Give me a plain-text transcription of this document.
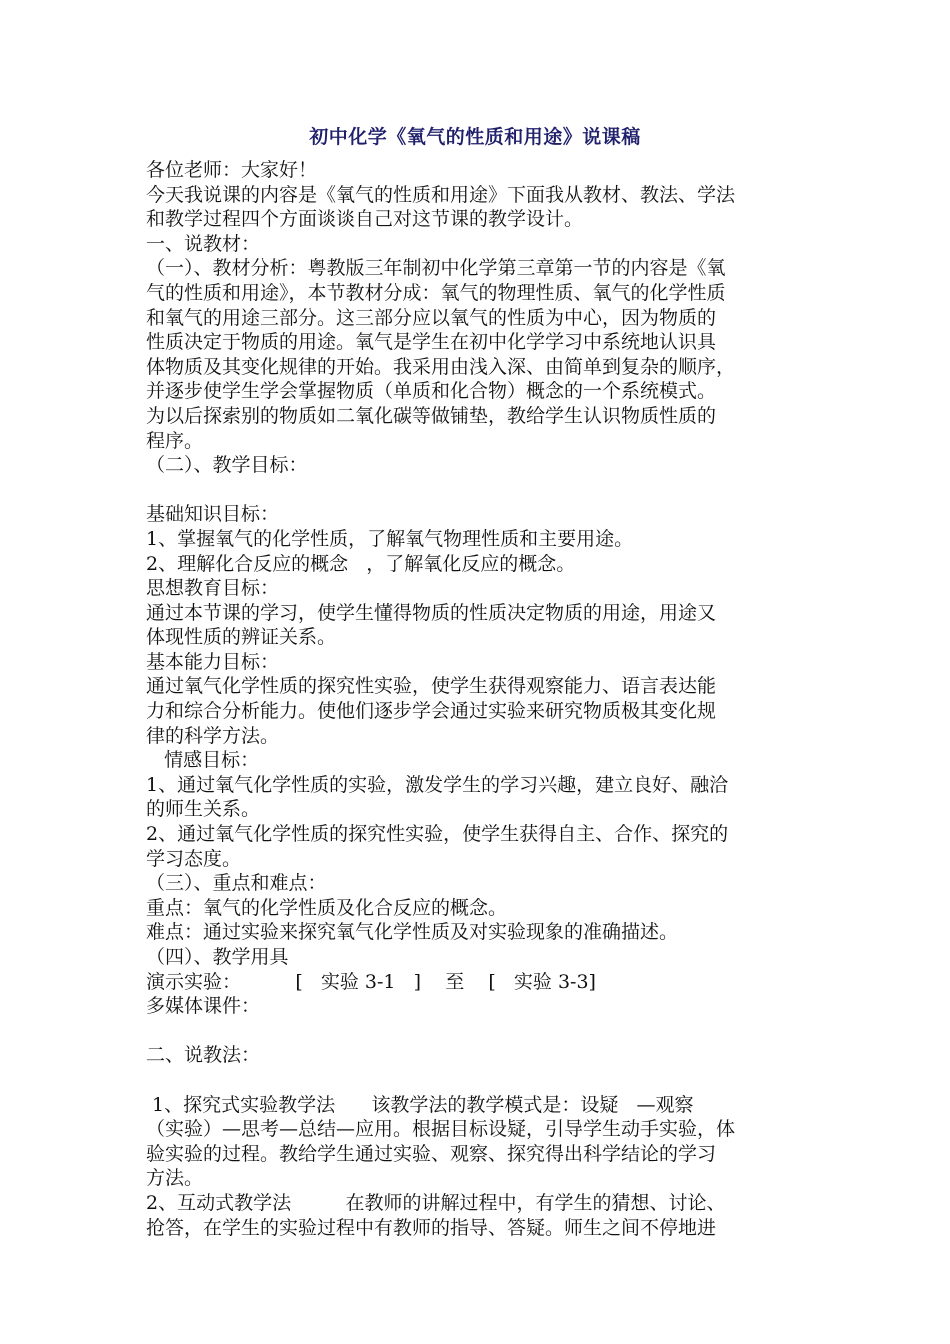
初中化学《氧气的性质和用途》说课稿
各位老师：大家好！
今天我说课的内容是《氧气的性质和用途》下面我从教材、教法、学法
和教学过程四个方面谈谈自己对这节课的教学设计。
一、说教材：
（一）、教材分析：粤教版三年制初中化学第三章第一节的内容是《氧
气的性质和用途》，本节教材分成：氧气的物理性质、氧气的化学性质
和氧气的用途三部分。这三部分应以氧气的性质为中心，因为物质的
性质决定于物质的用途。氧气是学生在初中化学学习中系统地认识具
体物质及其变化规律的开始。我采用由浅入深、由简单到复杂的顺序，
并逐步使学生学会掌握物质（单质和化合物）概念的一个系统模式。
为以后探索别的物质如二氧化碳等做铺垫，教给学生认识物质性质的
程序。
（二）、教学目标：
基础知识目标：
1、掌握氧气的化学性质，了解氧气物理性质和主要用途。
2、理解化合反应的概念   ，了解氧化反应的概念。
思想教育目标：
通过本节课的学习，使学生懂得物质的性质决定物质的用途，用途又
体现性质的辨证关系。
基本能力目标：
通过氧气化学性质的探究性实验，使学生获得观察能力、语言表达能
力和综合分析能力。使他们逐步学会通过实验来研究物质极其变化规
律的科学方法。
情感目标：
1、通过氧气化学性质的实验，激发学生的学习兴趣，建立良好、融洽
的师生关系。
2、通过氧气化学性质的探究性实验，使学生获得自主、合作、探究的
学习态度。
（三）、重点和难点：
重点：氧气的化学性质及化合反应的概念。
难点：通过实验来探究氧气化学性质及对实验现象的准确描述。
（四）、教学用具
演示实验：         [   实验 3-1   ]    至    [   实验 3-3]
多媒体课件：
二、说教法：
1、探究式实验教学法      该教学法的教学模式是：设疑   —观察
（实验）—思考—总结—应用。根据目标设疑，引导学生动手实验，体
验实验的过程。教给学生通过实验、观察、探究得出科学结论的学习
方法。
2、互动式教学法         在教师的讲解过程中，有学生的猜想、讨论、
抢答，在学生的实验过程中有教师的指导、答疑。师生之间不停地进
